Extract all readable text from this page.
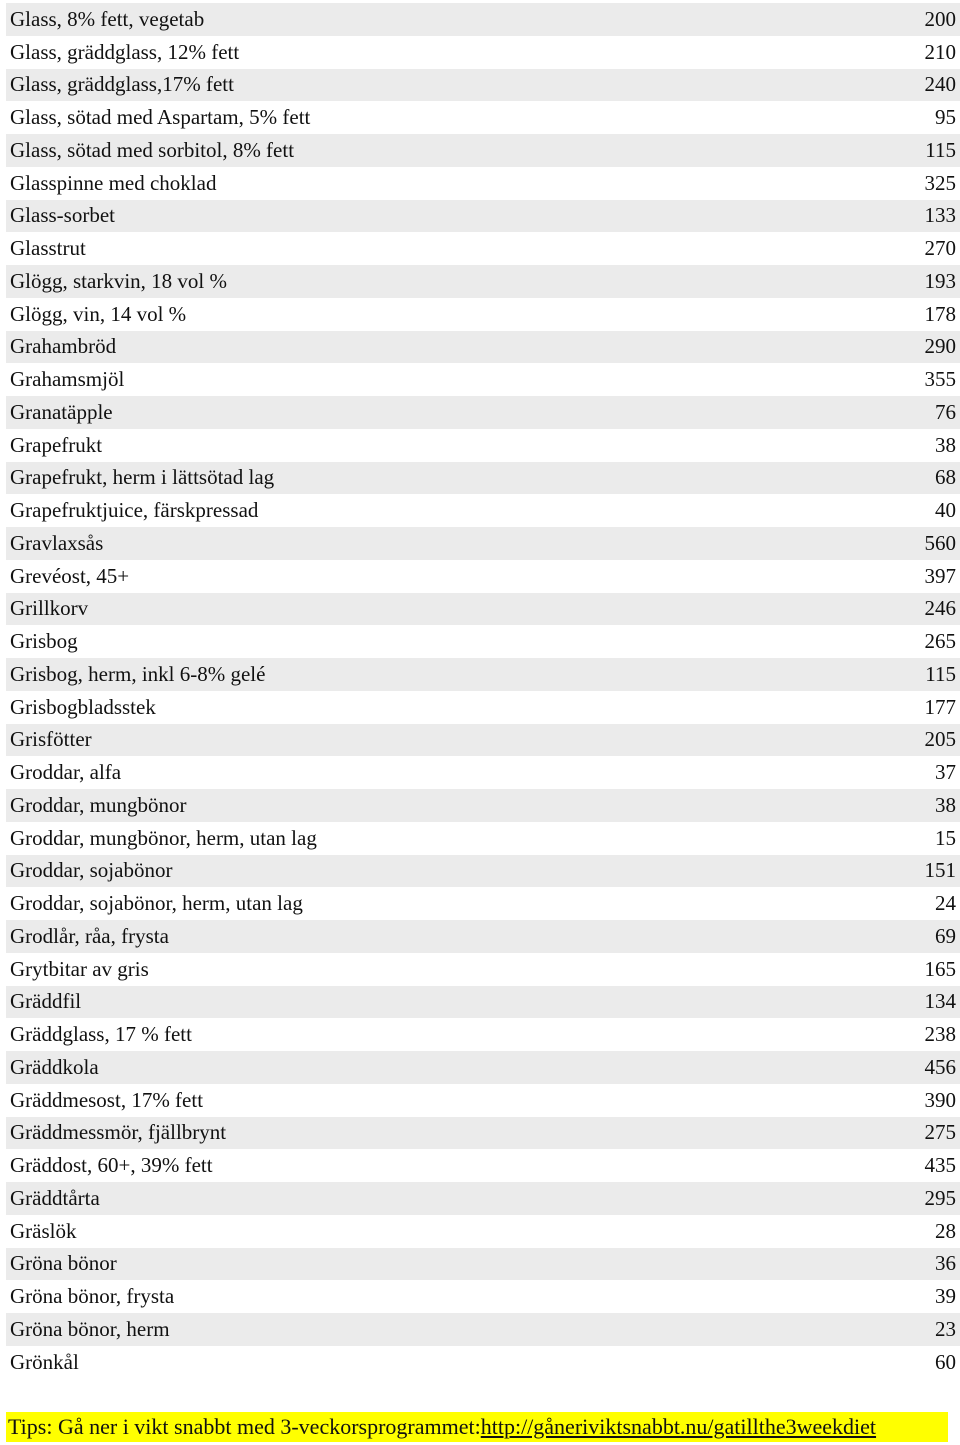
Glass, 8% fett, vegetab	200
Glass, gräddglass, 12% fett	210
Glass, gräddglass,17% fett	240
Glass, sötad med Aspartam, 5% fett	95
Glass, sötad med sorbitol, 8% fett	115
Glasspinne med choklad	325
Glass-sorbet	133
Glasstrut	270
Glögg, starkvin, 18 vol %	193
Glögg, vin, 14 vol %	178
Grahambröd	290
Grahamsmjöl	355
Granatäpple	76
Grapefrukt	38
Grapefrukt, herm i lättsötad lag	68
Grapefruktjuice, färskpressad	40
Gravlaxsås	560
Grevéost, 45+	397
Grillkorv	246
Grisbog	265
Grisbog, herm, inkl 6-8% gelé	115
Grisbogbladsstek	177
Grisfötter	205
Groddar, alfa	37
Groddar, mungbönor	38
Groddar, mungbönor, herm, utan lag	15
Groddar, sojabönor	151
Groddar, sojabönor, herm, utan lag	24
Grodlår, råa, frysta	69
Grytbitar av gris	165
Gräddfil	134
Gräddglass, 17 % fett	238
Gräddkola	456
Gräddmesost, 17% fett	390
Gräddmessmör, fjällbrynt	275
Gräddost, 60+, 39% fett	435
Gräddtårta	295
Gräslök	28
Gröna bönor	36
Gröna bönor, frysta	39
Gröna bönor, herm	23
Grönkål	60
Tips: Gå ner i vikt snabbt med 3-veckorsprogrammet: http://gåneriviktsnabbt.nu/gatillthe3weekdiet
